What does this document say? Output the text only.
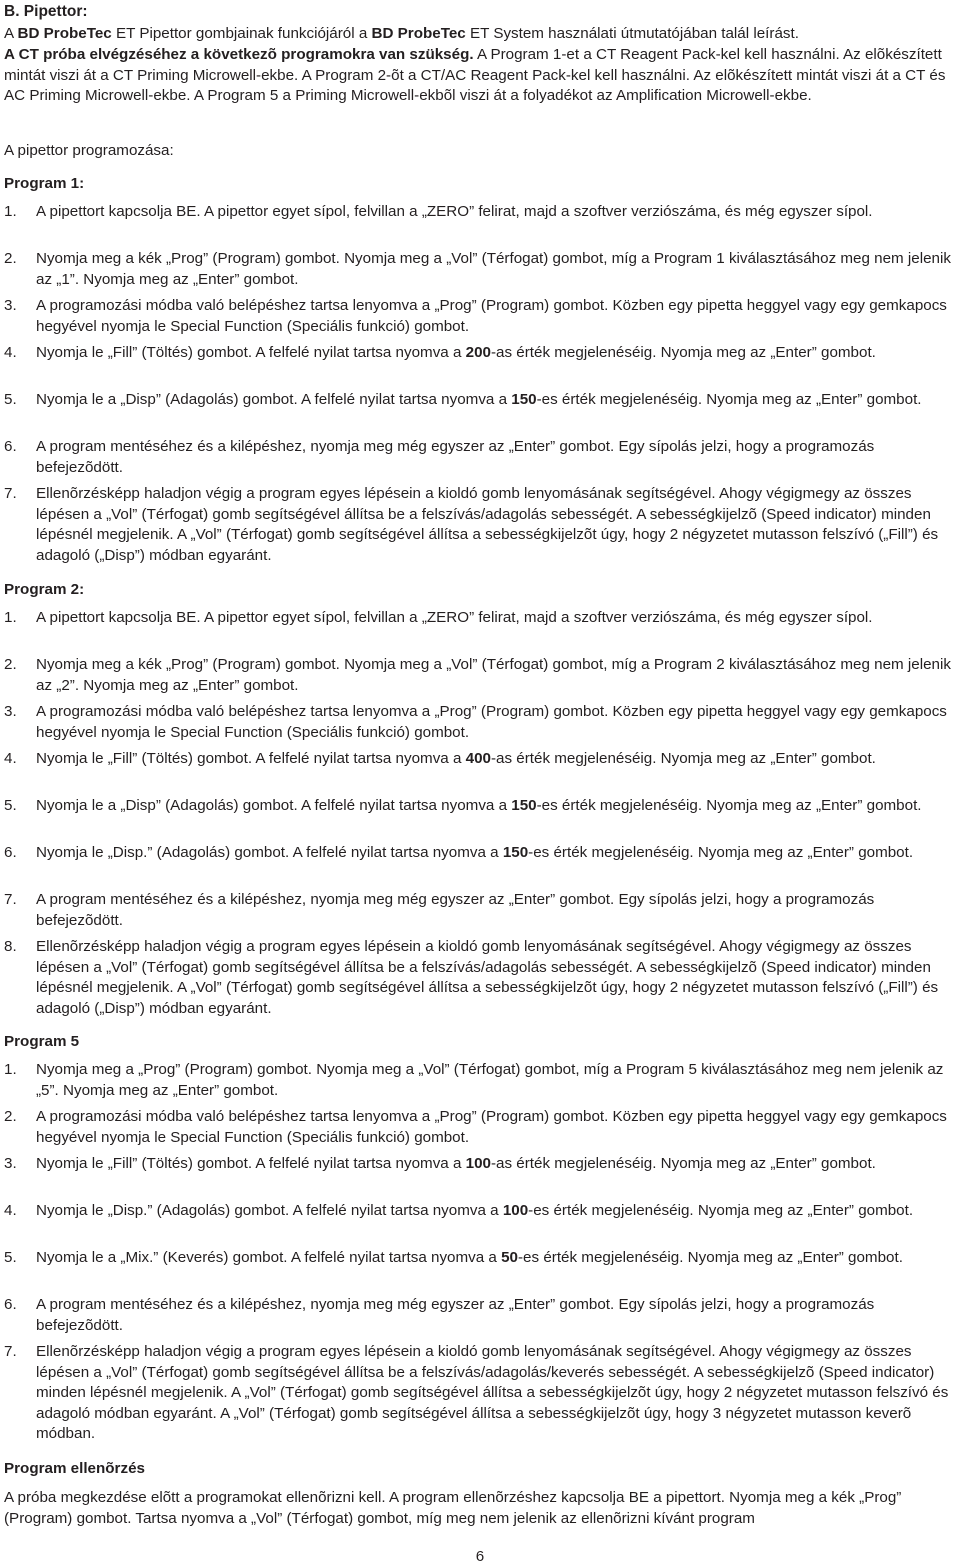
B. Pipettor:
A BD ProbeTec ET Pipettor gombjainak funkciójáról a BD ProbeTec ET System használati útmutatójában talál leírást.
A CT próba elvégzéséhez a következõ programokra van szükség. A Program 1-et a CT Reagent Pack-kel kell használni. Az elõkészített mintát viszi át a CT Priming Microwell-ekbe. A Program 2-õt a CT/AC Reagent Pack-kel kell használni. Az elõkészített mintát viszi át a CT és AC Priming Microwell-ekbe. A Program 5 a Priming Microwell-ekbõl viszi át a folyadékot az Amplification Microwell-ekbe.
A pipettor programozása:
Program 1:
1.	A pipettort kapcsolja BE. A pipettor egyet sípol, felvillan a „ZERO” felirat, majd a szoftver verziószáma, és még egyszer sípol.
2.	Nyomja meg a kék „Prog” (Program) gombot. Nyomja meg a „Vol” (Térfogat) gombot, míg a Program 1 kiválasztásához meg nem jelenik az „1”. Nyomja meg az „Enter” gombot.
3.	A programozási módba való belépéshez tartsa lenyomva a „Prog” (Program) gombot. Közben egy pipetta heggyel vagy egy gemkapocs hegyével nyomja le Special Function (Speciális funkció) gombot.
4.	Nyomja le „Fill” (Töltés) gombot. A felfelé nyilat tartsa nyomva a 200-as érték megjelenéséig. Nyomja meg az „Enter” gombot.
5.	Nyomja le a „Disp” (Adagolás) gombot. A felfelé nyilat tartsa nyomva a 150-es érték megjelenéséig. Nyomja meg az „Enter” gombot.
6.	A program mentéséhez és a kilépéshez, nyomja meg még egyszer az „Enter” gombot. Egy sípolás jelzi, hogy a programozás befejezõdött.
7.	Ellenõrzésképp haladjon végig a program egyes lépésein a kioldó gomb lenyomásának segítségével. Ahogy végigmegy az összes lépésen a „Vol” (Térfogat) gomb segítségével állítsa be a felszívás/adagolás sebességét. A sebességkijelzõ (Speed indicator) minden lépésnél megjelenik. A „Vol” (Térfogat) gomb segítségével állítsa a sebességkijelzõt úgy, hogy 2 négyzetet mutasson felszívó („Fill”) és adagoló („Disp”) módban egyaránt.
Program 2:
1.	A pipettort kapcsolja BE. A pipettor egyet sípol, felvillan a „ZERO” felirat, majd a szoftver verziószáma, és még egyszer sípol.
2.	Nyomja meg a kék „Prog” (Program) gombot. Nyomja meg a „Vol” (Térfogat) gombot, míg a Program 2 kiválasztásához meg nem jelenik az „2”. Nyomja meg az „Enter” gombot.
3.	A programozási módba való belépéshez tartsa lenyomva a „Prog” (Program) gombot. Közben egy pipetta heggyel vagy egy gemkapocs hegyével nyomja le Special Function (Speciális funkció) gombot.
4.	Nyomja le „Fill” (Töltés) gombot. A felfelé nyilat tartsa nyomva a 400-as érték megjelenéséig. Nyomja meg az „Enter” gombot.
5.	Nyomja le a „Disp” (Adagolás) gombot. A felfelé nyilat tartsa nyomva a 150-es érték megjelenéséig. Nyomja meg az „Enter” gombot.
6.	Nyomja le „Disp.” (Adagolás) gombot. A felfelé nyilat tartsa nyomva a 150-es érték megjelenéséig. Nyomja meg az „Enter” gombot.
7.	A program mentéséhez és a kilépéshez, nyomja meg még egyszer az „Enter” gombot. Egy sípolás jelzi, hogy a programozás befejezõdött.
8.	Ellenõrzésképp haladjon végig a program egyes lépésein a kioldó gomb lenyomásának segítségével. Ahogy végigmegy az összes lépésen a „Vol” (Térfogat) gomb segítségével állítsa be a felszívás/adagolás sebességét. A sebességkijelzõ (Speed indicator) minden lépésnél megjelenik. A „Vol” (Térfogat) gomb segítségével állítsa a sebességkijelzõt úgy, hogy 2 négyzetet mutasson felszívó („Fill”) és adagoló („Disp”) módban egyaránt.
Program 5
1.	Nyomja meg a „Prog” (Program) gombot. Nyomja meg a „Vol” (Térfogat) gombot, míg a Program 5 kiválasztásához meg nem jelenik az „5”. Nyomja meg az „Enter” gombot.
2.	A programozási módba való belépéshez tartsa lenyomva a „Prog” (Program) gombot. Közben egy pipetta heggyel vagy egy gemkapocs hegyével nyomja le Special Function (Speciális funkció) gombot.
3.	Nyomja le „Fill” (Töltés) gombot. A felfelé nyilat tartsa nyomva a 100-as érték megjelenéséig. Nyomja meg az „Enter” gombot.
4.	Nyomja le „Disp.” (Adagolás) gombot. A felfelé nyilat tartsa nyomva a 100-es érték megjelenéséig. Nyomja meg az „Enter” gombot.
5.	Nyomja le a „Mix.” (Keverés) gombot. A felfelé nyilat tartsa nyomva a 50-es érték megjelenéséig. Nyomja meg az „Enter” gombot.
6.	A program mentéséhez és a kilépéshez, nyomja meg még egyszer az „Enter” gombot. Egy sípolás jelzi, hogy a programozás befejezõdött.
7.	Ellenõrzésképp haladjon végig a program egyes lépésein a kioldó gomb lenyomásának segítségével. Ahogy végigmegy az összes lépésen a „Vol” (Térfogat) gomb segítségével állítsa be a felszívás/adagolás/keverés sebességét. A sebességkijelzõ (Speed indicator) minden lépésnél megjelenik. A „Vol” (Térfogat) gomb segítségével állítsa a sebességkijelzõt úgy, hogy 2 négyzetet mutasson felszívó és adagoló módban egyaránt. A „Vol” (Térfogat) gomb segítségével állítsa a sebességkijelzõt úgy, hogy 3 négyzetet mutasson keverõ módban.
Program ellenõrzés
A próba megkezdése elõtt a programokat ellenõrizni kell. A program ellenõrzéshez kapcsolja BE a pipettort. Nyomja meg a kék „Prog” (Program) gombot. Tartsa nyomva a „Vol” (Térfogat) gombot, míg meg nem jelenik az ellenõrizni kívánt program
6
